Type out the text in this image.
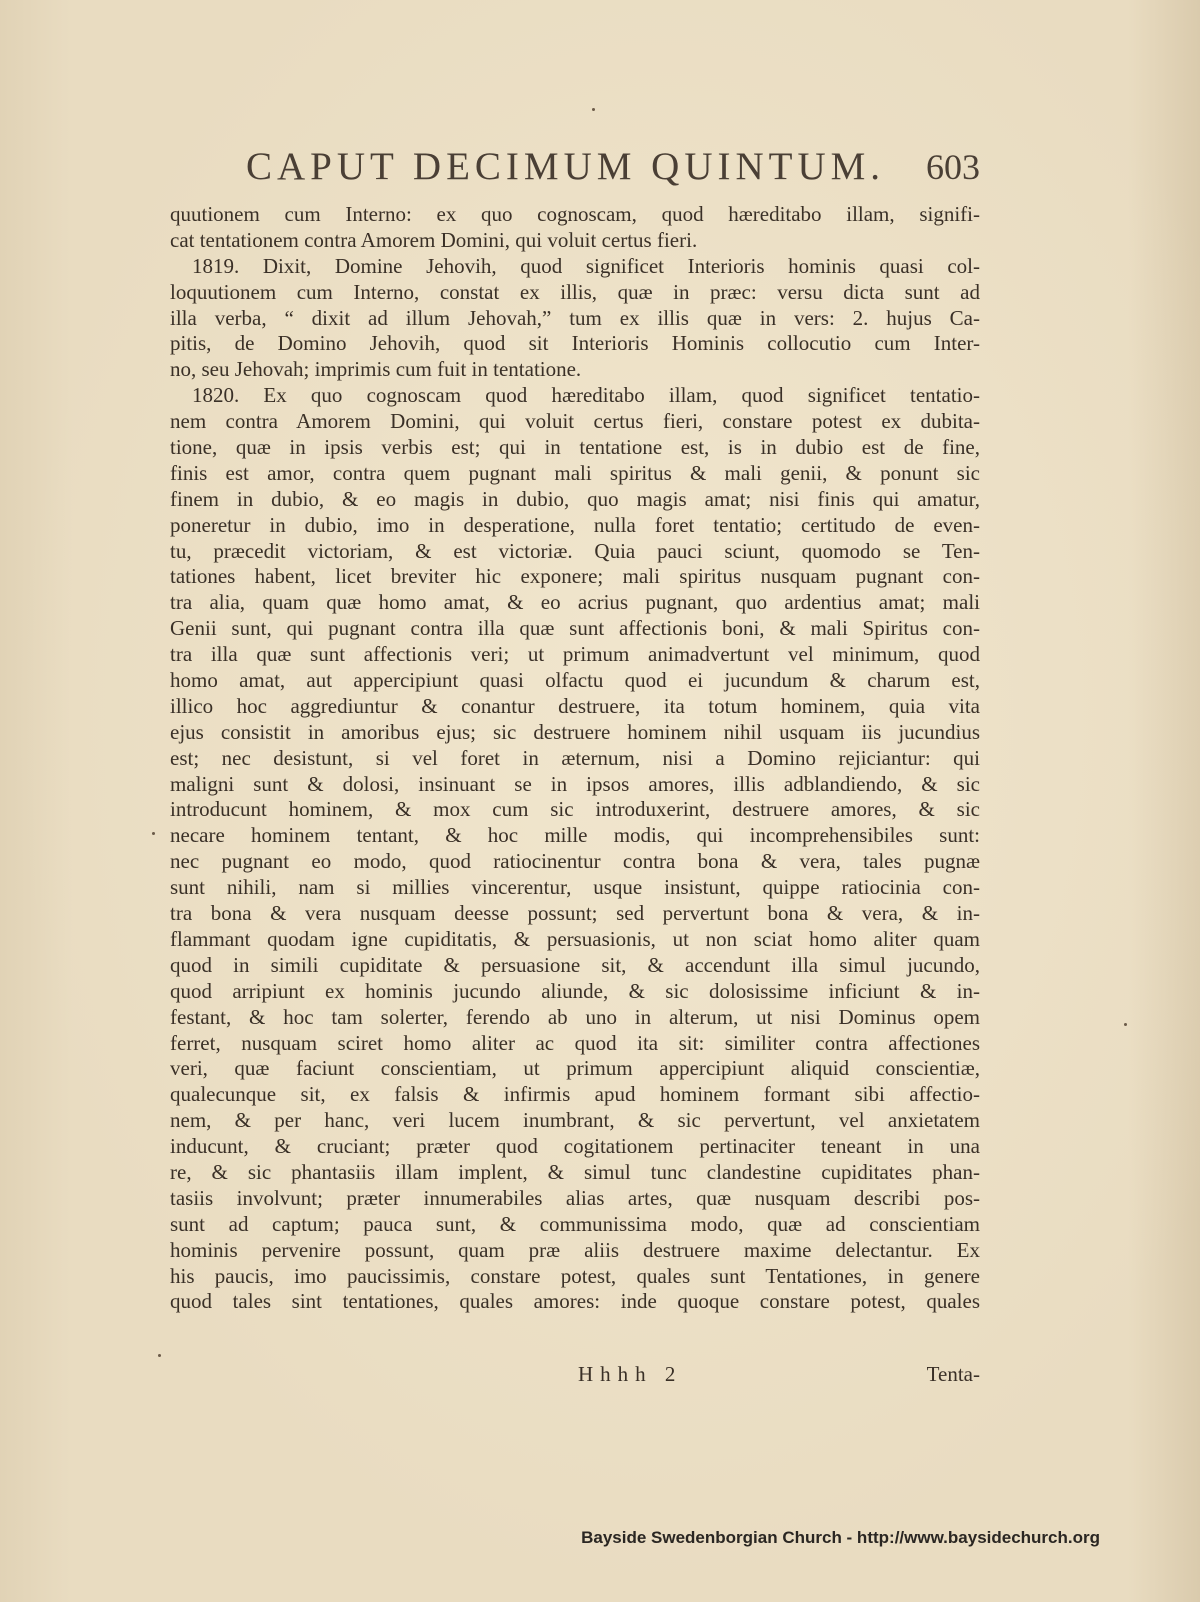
CAPUT DECIMUM QUINTUM. 603
quutionem cum Interno: ex quo cognoscam, quod hæreditabo illam, signifi-
cat tentationem contra Amorem Domini, qui voluit certus fieri.
1819. Dixit, Domine Jehovih, quod significet Interioris hominis quasi col-
loquutionem cum Interno, constat ex illis, quæ in præc: versu dicta sunt ad
illa verba, “ dixit ad illum Jehovah,” tum ex illis quæ in vers: 2. hujus Ca-
pitis, de Domino Jehovih, quod sit Interioris Hominis collocutio cum Inter-
no, seu Jehovah; imprimis cum fuit in tentatione.
1820. Ex quo cognoscam quod hæreditabo illam, quod significet tentatio-
nem contra Amorem Domini, qui voluit certus fieri, constare potest ex dubita-
tione, quæ in ipsis verbis est; qui in tentatione est, is in dubio est de fine,
finis est amor, contra quem pugnant mali spiritus & mali genii, & ponunt sic
finem in dubio, & eo magis in dubio, quo magis amat; nisi finis qui amatur,
poneretur in dubio, imo in desperatione, nulla foret tentatio; certitudo de even-
tu, præcedit victoriam, & est victoriæ. Quia pauci sciunt, quomodo se Ten-
tationes habent, licet breviter hic exponere; mali spiritus nusquam pugnant con-
tra alia, quam quæ homo amat, & eo acrius pugnant, quo ardentius amat; mali
Genii sunt, qui pugnant contra illa quæ sunt affectionis boni, & mali Spiritus con-
tra illa quæ sunt affectionis veri; ut primum animadvertunt vel minimum, quod
homo amat, aut appercipiunt quasi olfactu quod ei jucundum & charum est,
illico hoc aggrediuntur & conantur destruere, ita totum hominem, quia vita
ejus consistit in amoribus ejus; sic destruere hominem nihil usquam iis jucundius
est; nec desistunt, si vel foret in æternum, nisi a Domino rejiciantur: qui
maligni sunt & dolosi, insinuant se in ipsos amores, illis adblandiendo, & sic
introducunt hominem, & mox cum sic introduxerint, destruere amores, & sic
necare hominem tentant, & hoc mille modis, qui incomprehensibiles sunt:
nec pugnant eo modo, quod ratiocinentur contra bona & vera, tales pugnæ
sunt nihili, nam si millies vincerentur, usque insistunt, quippe ratiocinia con-
tra bona & vera nusquam deesse possunt; sed pervertunt bona & vera, & in-
flammant quodam igne cupiditatis, & persuasionis, ut non sciat homo aliter quam
quod in simili cupiditate & persuasione sit, & accendunt illa simul jucundo,
quod arripiunt ex hominis jucundo aliunde, & sic dolosissime inficiunt & in-
festant, & hoc tam solerter, ferendo ab uno in alterum, ut nisi Dominus opem
ferret, nusquam sciret homo aliter ac quod ita sit: similiter contra affectiones
veri, quæ faciunt conscientiam, ut primum appercipiunt aliquid conscientiæ,
qualecunque sit, ex falsis & infirmis apud hominem formant sibi affectio-
nem, & per hanc, veri lucem inumbrant, & sic pervertunt, vel anxietatem
inducunt, & cruciant; præter quod cogitationem pertinaciter teneant in una
re, & sic phantasiis illam implent, & simul tunc clandestine cupiditates phan-
tasiis involvunt; præter innumerabiles alias artes, quæ nusquam describi pos-
sunt ad captum; pauca sunt, & communissima modo, quæ ad conscientiam
hominis pervenire possunt, quam præ aliis destruere maxime delectantur. Ex
his paucis, imo paucissimis, constare potest, quales sunt Tentationes, in genere
quod tales sint tentationes, quales amores: inde quoque constare potest, quales
Hhhh 2	Tenta-
Bayside Swedenborgian Church - http://www.baysidechurch.org
